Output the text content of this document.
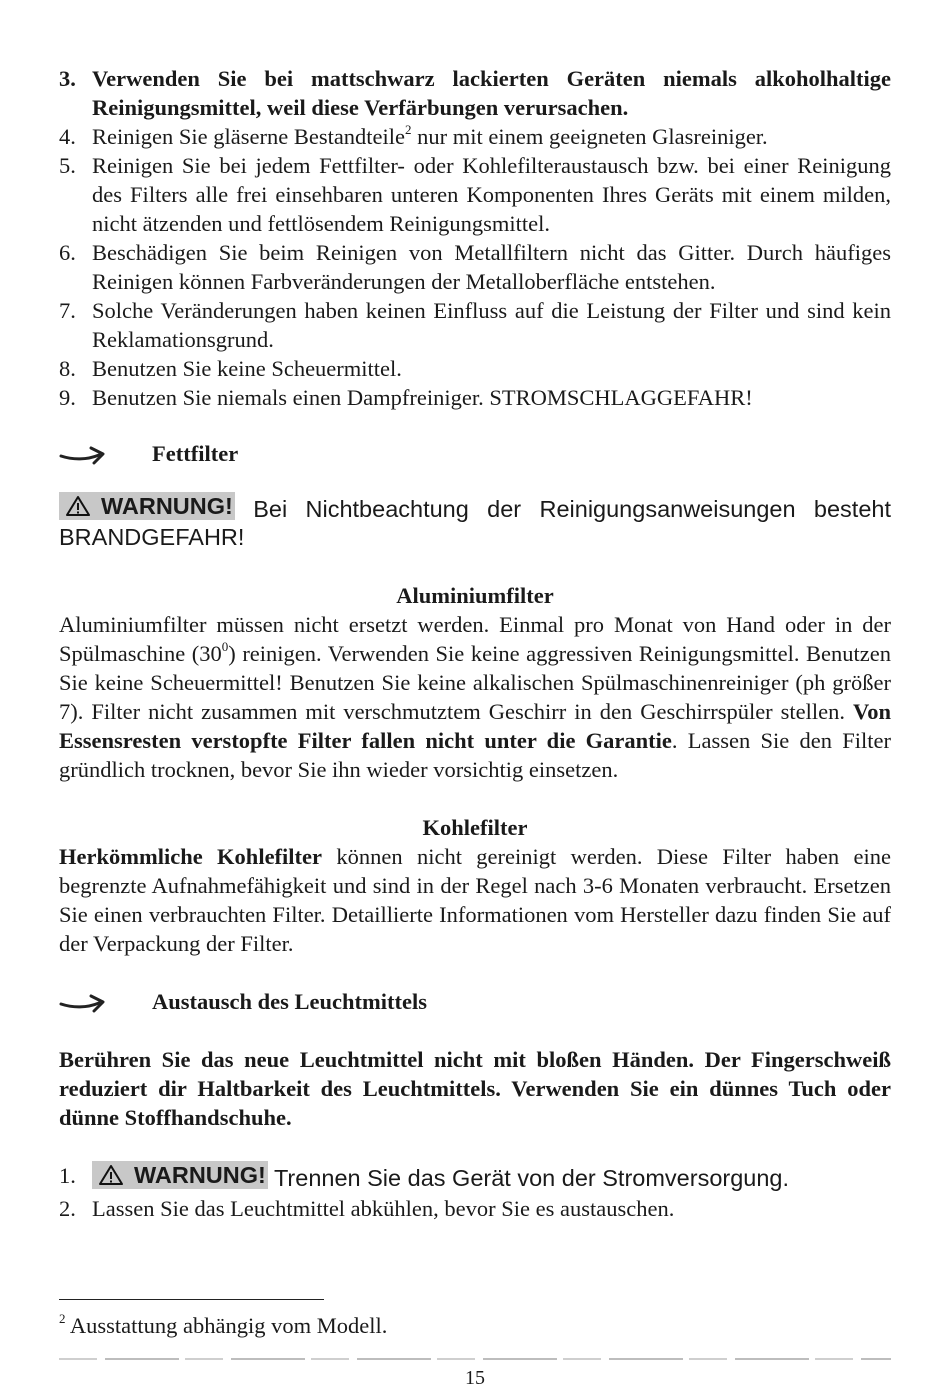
3. Verwenden Sie bei mattschwarz lackierten Geräten niemals alkoholhaltige Reinigungsmittel, weil diese Verfärbungen verursachen.
4. Reinigen Sie gläserne Bestandteile$^2$ nur mit einem geeigneten Glasreiniger.
5. Reinigen Sie bei jedem Fettfilter- oder Kohlefilteraustausch bzw. bei einer Reinigung des Filters alle frei einsehbaren unteren Komponenten Ihres Geräts mit einem milden, nicht ätzenden und fettlösendem Reinigungsmittel.
6. Beschädigen Sie beim Reinigen von Metallfiltern nicht das Gitter. Durch häufiges Reinigen können Farbveränderungen der Metalloberfläche entstehen.
7. Solche Veränderungen haben keinen Einfluss auf die Leistung der Filter und sind kein Reklamationsgrund.
8. Benutzen Sie keine Scheuermittel.
9. Benutzen Sie niemals einen Dampfreiniger. STROMSCHLAGGEFAHR!
Fettfilter
WARNUNG! Bei Nichtbeachtung der Reinigungsanweisungen besteht BRANDGEFAHR!
Aluminiumfilter
Aluminiumfilter müssen nicht ersetzt werden. Einmal pro Monat von Hand oder in der Spülmaschine $(30^0)$ reinigen. Verwenden Sie keine aggressiven Reinigungsmittel. Benutzen Sie keine Scheuermittel! Benutzen Sie keine alkalischen Spülmaschinenreiniger (ph größer 7). Filter nicht zusammen mit verschmutztem Geschirr in den Geschirrspüler stellen. Von Essensresten verstopfte Filter fallen nicht unter die Garantie. Lassen Sie den Filter gründlich trocknen, bevor Sie ihn wieder vorsichtig einsetzen.
Kohlefilter
Herkömmliche Kohlefilter können nicht gereinigt werden. Diese Filter haben eine begrenzte Aufnahmefähigkeit und sind in der Regel nach 3-6 Monaten verbraucht. Ersetzen Sie einen verbrauchten Filter. Detaillierte Informationen vom Hersteller dazu finden Sie auf der Verpackung der Filter.
Austausch des Leuchtmittels
Berühren Sie das neue Leuchtmittel nicht mit bloßen Händen. Der Fingerschweiß reduziert dir Haltbarkeit des Leuchtmittels. Verwenden Sie ein dünnes Tuch oder dünne Stoffhandschuhe.
1. WARNUNG! Trennen Sie das Gerät von der Stromversorgung.
2. Lassen Sie das Leuchtmittel abkühlen, bevor Sie es austauschen.
$^2$ Ausstattung abhängig vom Modell.
15
